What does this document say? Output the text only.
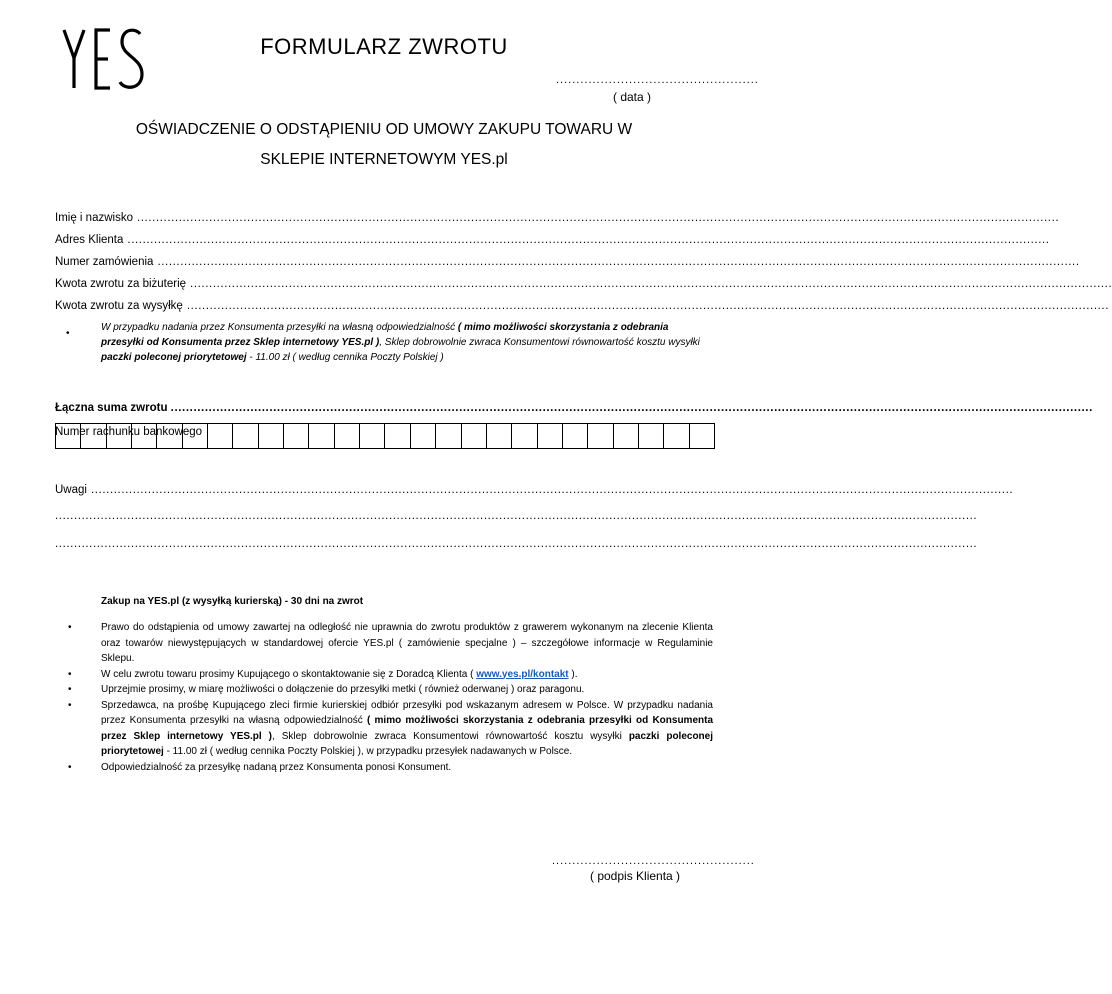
FORMULARZ ZWROTU
..................................................
( data )
OŚWIADCZENIE O ODSTĄPIENIU OD UMOWY ZAKUPU TOWARU W
SKLEPIE INTERNETOWYM YES.pl
Imię i nazwisko ...................................................................................................................................................................................................................................................
Adres Klienta ...................................................................................................................................................................................................................................................
Numer zamówienia ...................................................................................................................................................................................................................................................
Kwota zwrotu za biżuterię ...................................................................................................................................................................................................................................................
Kwota zwrotu za wysyłkę ...................................................................................................................................................................................................................................................
•
W przypadku nadania przez Konsumenta przesyłki na własną odpowiedzialność ( mimo możliwości skorzystania z odebrania przesyłki od Konsumenta przez Sklep internetowy YES.pl ), Sklep dobrowolnie zwraca Konsumentowi równowartość kosztu wysyłki paczki poleconej priorytetowej - 11.00 zł ( według cennika Poczty Polskiej )
Łączna suma zwrotu ...................................................................................................................................................................................................................................................
Numer rachunku bankowego
Uwagi ...................................................................................................................................................................................................................................................
...................................................................................................................................................................................................................................................
...................................................................................................................................................................................................................................................
Zakup na YES.pl (z wysyłką kurierską) - 30 dni na zwrot
•	Prawo do odstąpienia od umowy zawartej na odległość nie uprawnia do zwrotu produktów z grawerem wykonanym na zlecenie Klienta oraz towarów niewystępujących w standardowej ofercie YES.pl ( zamówienie specjalne ) – szczegółowe informacje w Regulaminie Sklepu.
•	W celu zwrotu towaru prosimy Kupującego o skontaktowanie się z Doradcą Klienta ( www.yes.pl/kontakt ).
•	Uprzejmie prosimy, w miarę możliwości o dołączenie do przesyłki metki ( również oderwanej ) oraz paragonu.
•	Sprzedawca, na prośbę Kupującego zleci firmie kurierskiej odbiór przesyłki pod wskazanym adresem w Polsce. W przypadku nadania przez Konsumenta przesyłki na własną odpowiedzialność ( mimo możliwości skorzystania z odebrania przesyłki od Konsumenta przez Sklep internetowy YES.pl ), Sklep dobrowolnie zwraca Konsumentowi równowartość kosztu wysyłki paczki poleconej priorytetowej - 11.00 zł ( według cennika Poczty Polskiej ), w przypadku przesyłek nadawanych w Polsce.
•	Odpowiedzialność za przesyłkę nadaną przez Konsumenta ponosi Konsument.
..................................................
( podpis Klienta )
